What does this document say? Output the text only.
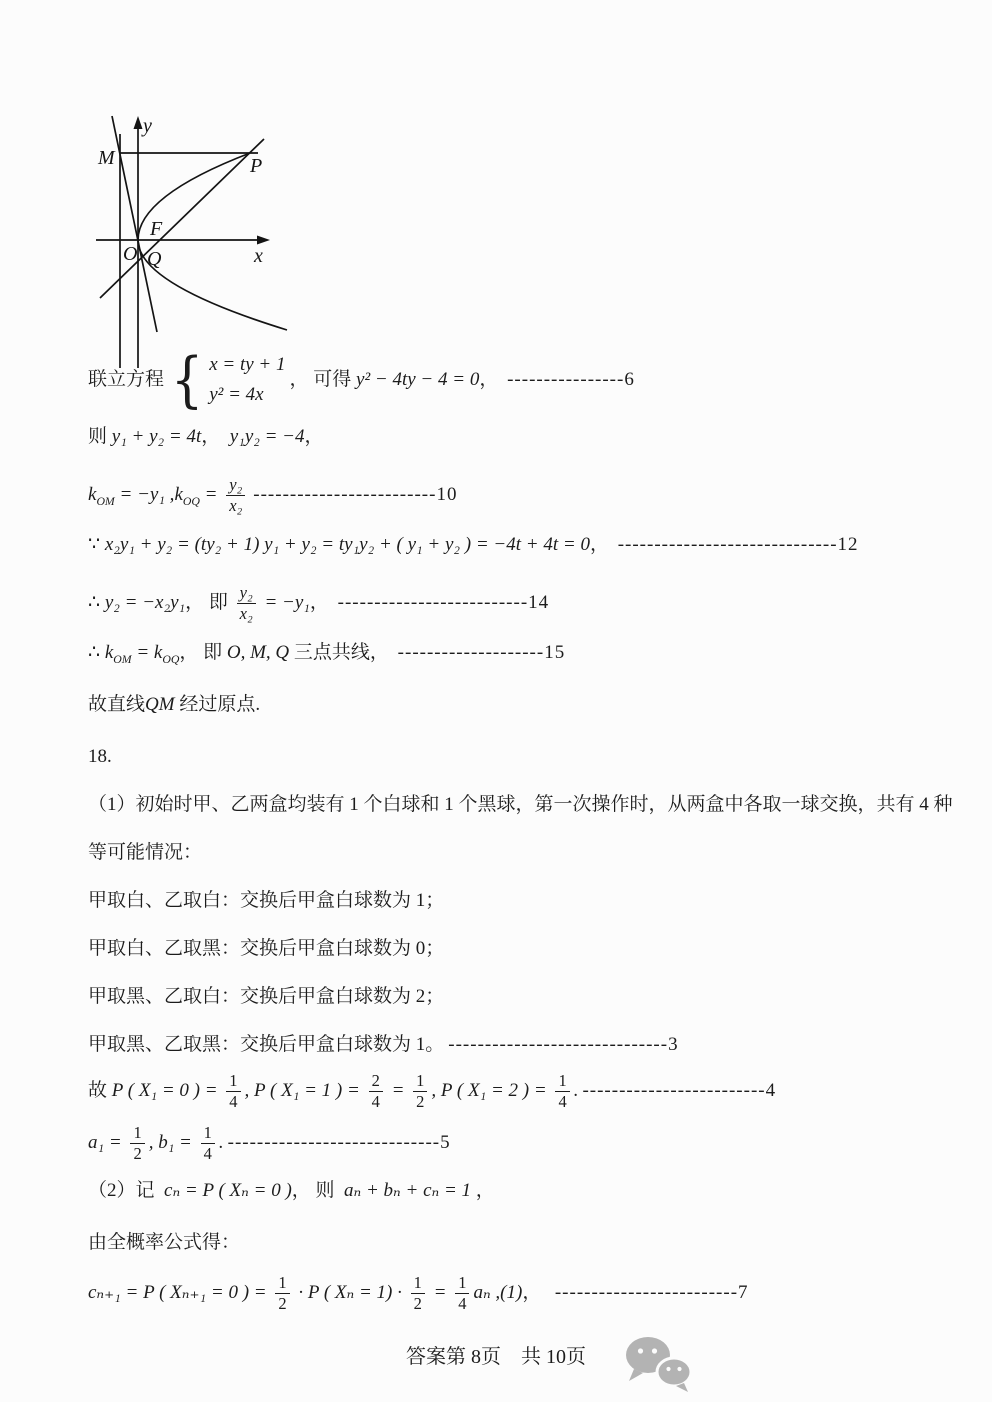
y
x
M	P
F
O Q
联立方程 { x = ty + 1
y² = 4x
， 可得 y² − 4ty − 4 = 0 ， ----------------6
则 y₁ + y₂ = 4t ， y₁y₂ = −4 ，
$k_{OM} = -y_1$ , $k_{OQ} = \frac{\text{y₂}}{\text{x₂}} -------------------------10$
∵ x₂y₁ + y₂ = (ty₂ + 1) y₁ + y₂ = ty₁y₂ + ( y₁ + y₂ ) = −4t + 4t = 0 ， ------------------------------12
∴ y₂ = −x₂y₁ ， 即 $\frac{\text{y₂}}{\text{x₂}} = -y_1$ ， --------------------------14
∴ $k_{OM} = k_{OQ}$ ， 即 O, M, Q 三点共线， --------------------15
故直线 QM 经过原点.
18.
（1）初始时甲、乙两盒均装有 1 个白球和 1 个黑球，第一次操作时，从两盒中各取一球交换，共有 4 种
等可能情况：
甲取白、乙取白：交换后甲盒白球数为 1；
甲取白、乙取黑：交换后甲盒白球数为 0；
甲取黑、乙取白：交换后甲盒白球数为 2；
甲取黑、乙取黑：交换后甲盒白球数为 1。 ------------------------------3
故 P ( X₁ = 0 ) = $\frac{1}{4}$ , P ( X₁ = 1 ) = $\frac{2}{4} = \frac{1}{2}$ , P ( X₁ = 2 ) = $\frac{1}{4}$ . -------------------------4
$a_1 = \frac{1}{2}$ , $b_1 = \frac{1}{4}$ . -----------------------------5
（2）记 cₙ = P ( Xₙ = 0 ) ， 则 aₙ + bₙ + cₙ = 1 ，
由全概率公式得：
cₙ₊₁ = P ( Xₙ₊₁ = 0 ) = $\frac{1}{2} \cdot P$ ( $X_n = 1) \cdot \frac{1}{2} = \frac{1}{4}$ aₙ ,(1) ， -------------------------7
答案第 8页　共 10页
